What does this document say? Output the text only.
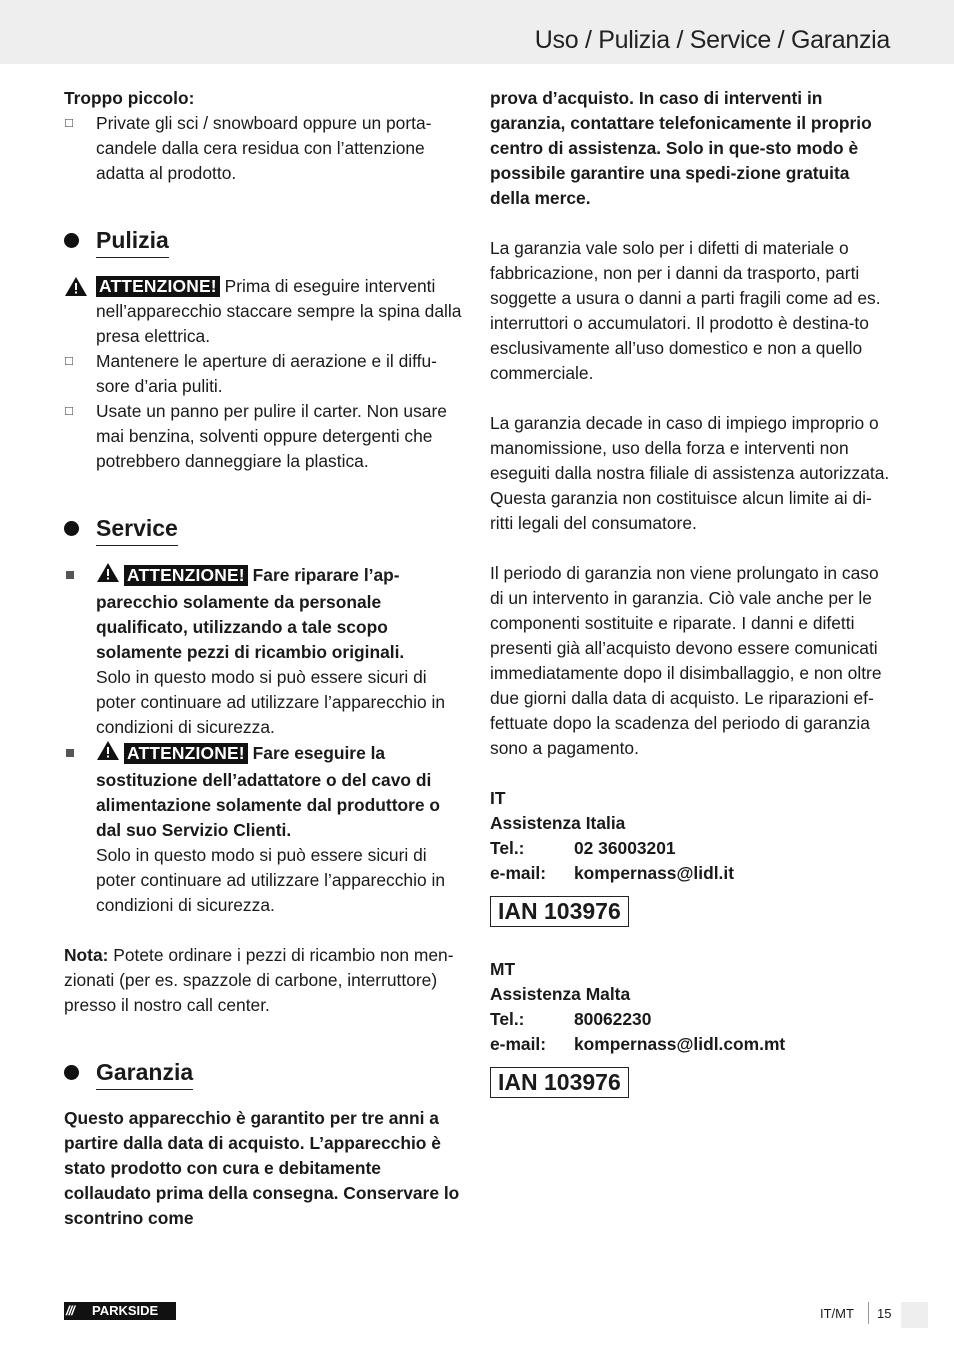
Uso / Pulizia / Service / Garanzia

Troppo piccolo:

☐ Private gli sci / snowboard oppure un porta-candele dalla cera residua con l’attenzione adatta al prodotto.
Pulizia
ATTENZIONE! Prima di eseguire interventi nell’apparecchio staccare sempre la spina dalla presa elettrica.
☐ Mantenere le aperture di aerazione e il diffu-sore d’aria puliti.
☐ Usate un panno per pulire il carter. Non usare mai benzina, solventi oppure detergenti che potrebbero danneggiare la plastica.
Service
ATTENZIONE! Fare riparare l’ap-parecchio solamente da personale qualificato, utilizzando a tale scopo solamente pezzi di ricambio originali.

Solo in questo modo si può essere sicuri di poter continuare ad utilizzare l’apparecchio in condizioni di sicurezza.

ATTENZIONE! Fare eseguire la sostituzione dell’adattatore o del cavo di alimentazione solamente dal produttore o dal suo Servizio Clienti.

Solo in questo modo si può essere sicuri di poter continuare ad utilizzare l’apparecchio in condizioni di sicurezza.

Nota: Potete ordinare i pezzi di ricambio non men-zionati (per es. spazzole di carbone, interruttore) presso il nostro call center.

Garanzia

Questo apparecchio è garantito per tre anni a partire dalla data di acquisto. L’apparecchio è stato prodotto con cura e debitamente collaudato prima della consegna. Conservare lo scontrino come

prova d’acquisto. In caso di interventi in garanzia, contattare telefonicamente il proprio centro di assistenza. Solo in que-sto modo è possibile garantire una spedi-zione gratuita della merce.

La garanzia vale solo per i difetti di materiale o fabbricazione, non per i danni da trasporto, parti soggette a usura o danni a parti fragili come ad es. interruttori o accumulatori. Il prodotto è destina-to esclusivamente all’uso domestico e non a quello commerciale.

La garanzia decade in caso di impiego improprio o manomissione, uso della forza e interventi non eseguiti dalla nostra filiale di assistenza autorizzata. Questa garanzia non costituisce alcun limite ai di-ritti legali del consumatore.

Il periodo di garanzia non viene prolungato in caso di un intervento in garanzia. Ciò vale anche per le componenti sostituite e riparate. I danni e difetti presenti già all’acquisto devono essere comunicati immediatamente dopo il disimballaggio, e non oltre due giorni dalla data di acquisto. Le riparazioni ef-fettuate dopo la scadenza del periodo di garanzia sono a pagamento.

IT

Assistenza Italia

Tel.:	02 36003201
e-mail:	kompernass@lidl.it
IAN 103976

MT

Assistenza Malta

Tel.:	80062230
e-mail:	kompernass@lidl.com.mt
IAN 103976
///	PARKSIDE	IT/MT 15
